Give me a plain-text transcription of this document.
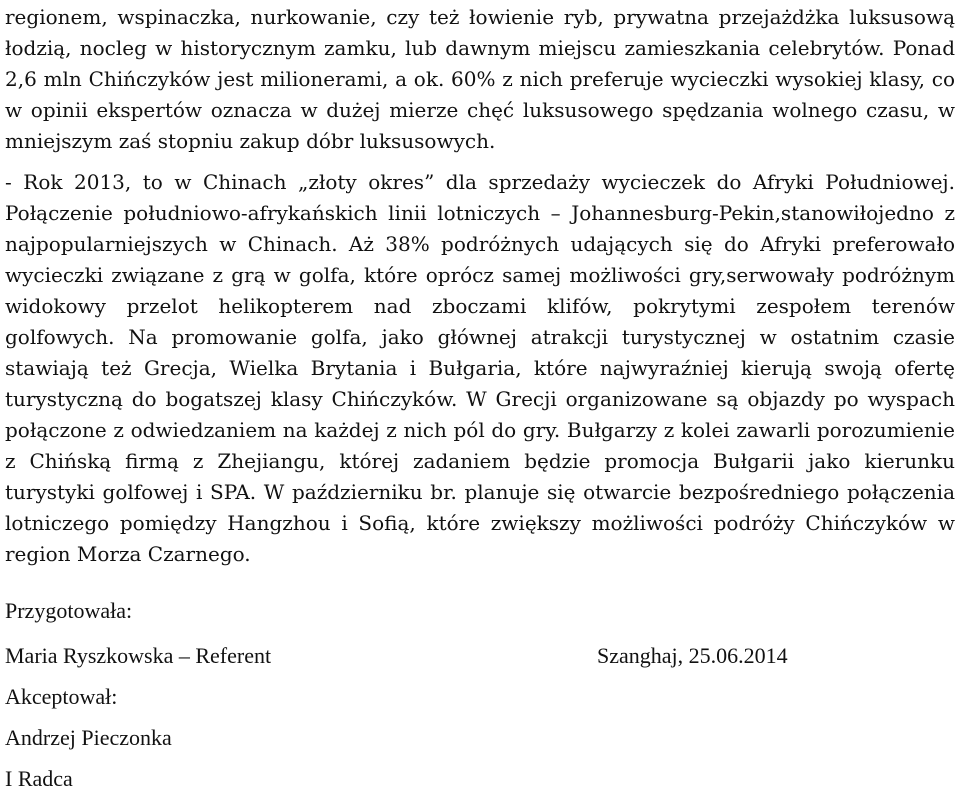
regionem, wspinaczka, nurkowanie, czy też łowienie ryb, prywatna przejażdżka luksusową łodzią, nocleg w historycznym zamku, lub dawnym miejscu zamieszkania celebrytów. Ponad 2,6 mln Chińczyków jest milionerami, a ok. 60% z nich preferuje wycieczki wysokiej klasy, co w opinii ekspertów oznacza w dużej mierze chęć luksusowego spędzania wolnego czasu, w mniejszym zaś stopniu zakup dóbr luksusowych.

- Rok 2013, to w Chinach „złoty okres” dla sprzedaży wycieczek do Afryki Południowej. Połączenie południowo-afrykańskich linii lotniczych – Johannesburg-Pekin,stanowiłojedno z najpopularniejszych w Chinach. Aż 38% podróżnych udających się do Afryki preferowało wycieczki związane z grą w golfa, które oprócz samej możliwości gry,serwowały podróżnym widokowy przelot helikopterem nad zboczami klifów, pokrytymi zespołem terenów golfowych. Na promowanie golfa, jako głównej atrakcji turystycznej w ostatnim czasie stawiają też Grecja, Wielka Brytania i Bułgaria, które najwyraźniej kierują swoją ofertę turystyczną do bogatszej klasy Chińczyków. W Grecji organizowane są objazdy po wyspach połączone z odwiedzaniem na każdej z nich pól do gry. Bułgarzy z kolei zawarli porozumienie z Chińską firmą z Zhejiangu, której zadaniem będzie promocja Bułgarii jako kierunku turystyki golfowej i SPA. W październiku br. planuje się otwarcie bezpośredniego połączenia lotniczego pomiędzy Hangzhou i Sofią, które zwiększy możliwości podróży Chińczyków w region Morza Czarnego.

Przygotowała:
Maria Ryszkowska – Referent	Szanghaj, 25.06.2014
Akceptował:
Andrzej Pieczonka
I Radca
